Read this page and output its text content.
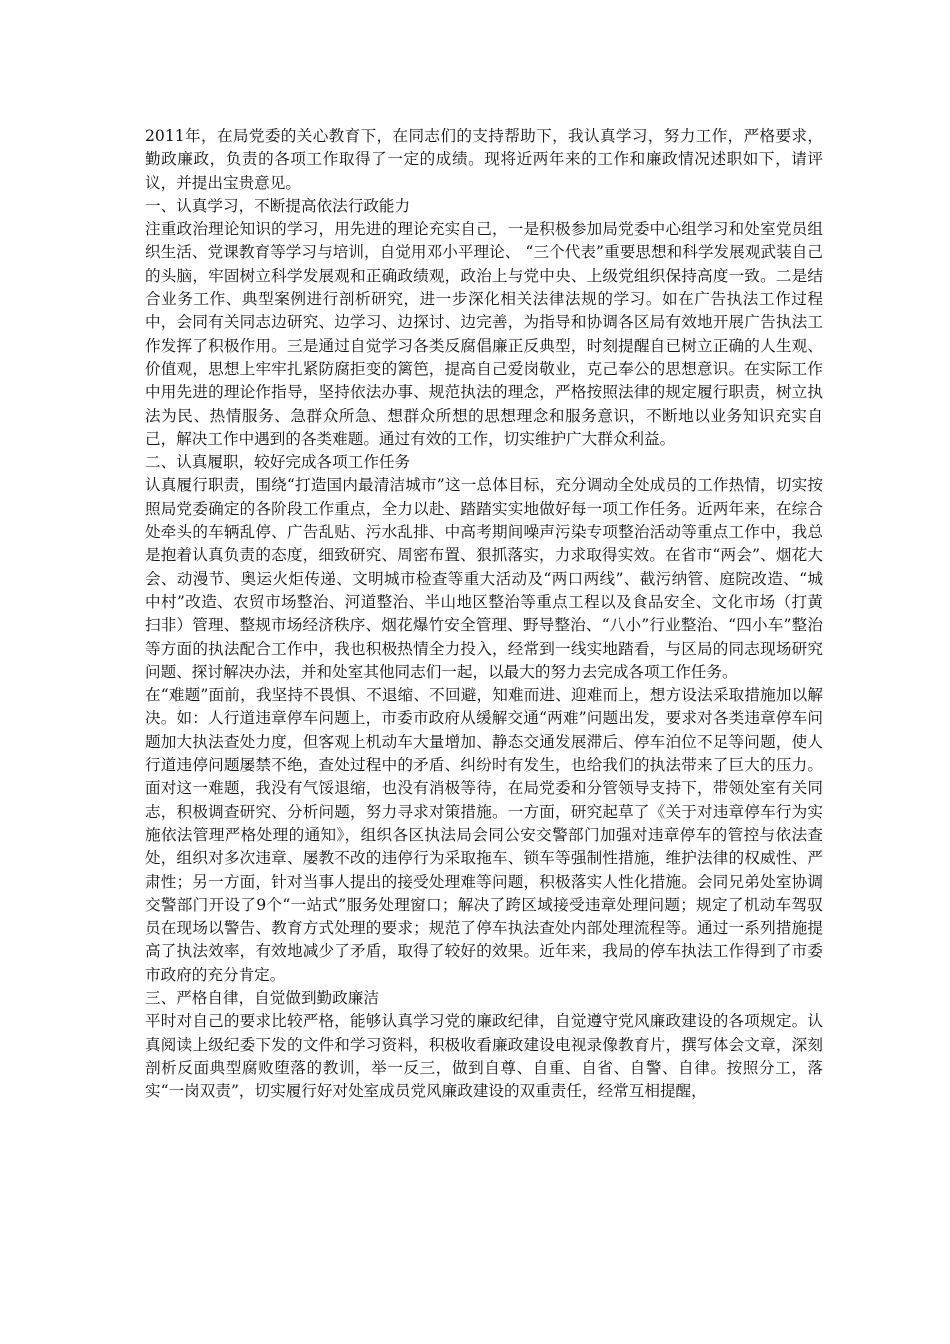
2011年，在局党委的关心教育下，在同志们的支持帮助下，我认真学习，努力工作，严格要求，勤政廉政，负责的各项工作取得了一定的成绩。现将近两年来的工作和廉政情况述职如下，请评议，并提出宝贵意见。

一、认真学习，不断提高依法行政能力

注重政治理论知识的学习，用先进的理论充实自己，一是积极参加局党委中心组学习和处室党员组织生活、党课教育等学习与培训，自觉用邓小平理论、 “三个代表”重要思想和科学发展观武装自己的头脑，牢固树立科学发展观和正确政绩观，政治上与党中央、上级党组织保持高度一致。二是结合业务工作、典型案例进行剖析研究，进一步深化相关法律法规的学习。如在广告执法工作过程中，会同有关同志边研究、边学习、边探讨、边完善，为指导和协调各区局有效地开展广告执法工作发挥了积极作用。三是通过自觉学习各类反腐倡廉正反典型，时刻提醒自已树立正确的人生观、价值观，思想上牢牢扎紧防腐拒变的篱笆，提高自己爱岗敬业，克己奉公的思想意识。在实际工作中用先进的理论作指导，坚持依法办事、规范执法的理念，严格按照法律的规定履行职责，树立执法为民、热情服务、急群众所急、想群众所想的思想理念和服务意识，不断地以业务知识充实自己，解决工作中遇到的各类难题。通过有效的工作，切实维护广大群众利益。

二、认真履职，较好完成各项工作任务

认真履行职责，围绕“打造国内最清洁城市”这一总体目标，充分调动全处成员的工作热情，切实按照局党委确定的各阶段工作重点，全力以赴、踏踏实实地做好每一项工作任务。近两年来，在综合处牵头的车辆乱停、广告乱贴、污水乱排、中高考期间噪声污染专项整治活动等重点工作中，我总是抱着认真负责的态度，细致研究、周密布置、狠抓落实，力求取得实效。在省市“两会”、烟花大会、动漫节、奥运火炬传递、文明城市检查等重大活动及“两口两线”、截污纳管、庭院改造、“城中村”改造、农贸市场整治、河道整治、半山地区整治等重点工程以及食品安全、文化市场（打黄扫非）管理、整规市场经济秩序、烟花爆竹安全管理、野导整治、“八小”行业整治、“四小车”整治等方面的执法配合工作中，我也积极热情全力投入，经常到一线实地踏看，与区局的同志现场研究问题、探讨解决办法，并和处室其他同志们一起，以最大的努力去完成各项工作任务。

在“难题”面前，我坚持不畏惧、不退缩、不回避，知难而进、迎难而上，想方设法采取措施加以解决。如：人行道违章停车问题上，市委市政府从缓解交通“两难”问题出发，要求对各类违章停车问题加大执法查处力度，但客观上机动车大量增加、静态交通发展滞后、停车泊位不足等问题，使人行道违停问题屡禁不绝，查处过程中的矛盾、纠纷时有发生，也给我们的执法带来了巨大的压力。面对这一难题，我没有气馁退缩，也没有消极等待，在局党委和分管领导支持下，带领处室有关同志，积极调查研究、分析问题，努力寻求对策措施。一方面，研究起草了《关于对违章停车行为实施依法管理严格处理的通知》，组织各区执法局会同公安交警部门加强对违章停车的管控与依法查处，组织对多次违章、屡教不改的违停行为采取拖车、锁车等强制性措施，维护法律的权威性、严肃性；另一方面，针对当事人提出的接受处理难等问题，积极落实人性化措施。会同兄弟处室协调交警部门开设了9个“一站式”服务处理窗口；解决了跨区域接受违章处理问题；规定了机动车驾驭员在现场以警告、教育方式处理的要求；规范了停车执法查处内部处理流程等。通过一系列措施提高了执法效率，有效地减少了矛盾，取得了较好的效果。近年来，我局的停车执法工作得到了市委市政府的充分肯定。

三、严格自律，自觉做到勤政廉洁

平时对自己的要求比较严格，能够认真学习党的廉政纪律，自觉遵守党风廉政建设的各项规定。认真阅读上级纪委下发的文件和学习资料，积极收看廉政建设电视录像教育片，撰写体会文章，深刻剖析反面典型腐败堕落的教训，举一反三，做到自尊、自重、自省、自警、自律。按照分工，落实“一岗双责”，切实履行好对处室成员党风廉政建设的双重责任，经常互相提醒，
